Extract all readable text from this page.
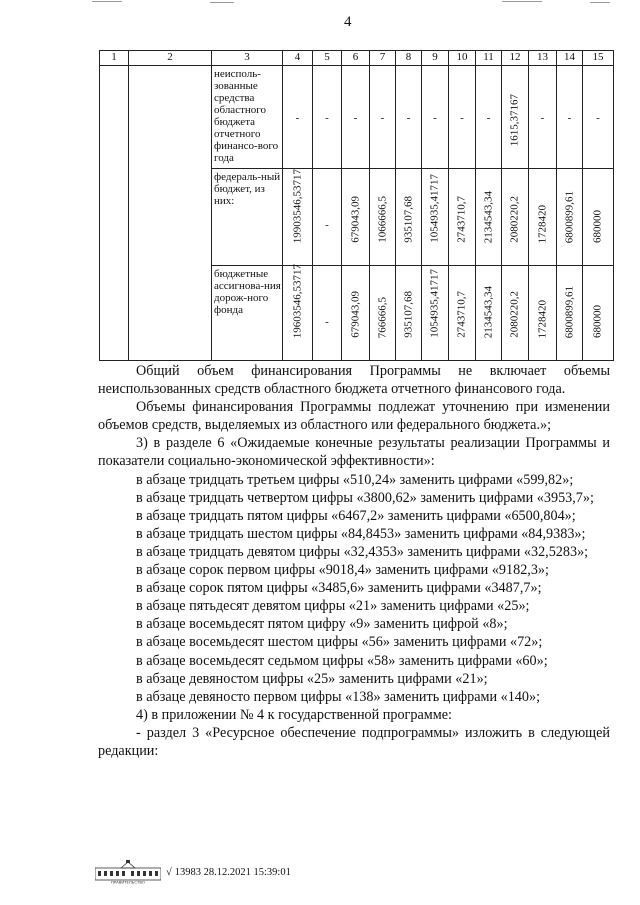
4
1	2	3	4	5	6	7	8	9	10	11	12	13	14	15
		неисполь-зованные средства областного бюджета отчетного финансо-вого года	-	-	-	-	-	-	-	-	1615,37167	-	-	-
		федераль-ный бюджет, из них:	19903546,53717	-	679043,09	1066666,5	935107,68	1054935,41717	2743710,7	2134543,34	2080220,2	1728420	6800899,61	680000

		бюджетные ассигнова-ния дорож-ного фонда	19603546,53717	-	679043,09	766666,5	935107,68	1054935,41717	2743710,7	2134543,34	2080220,2	1728420	6800899,61	680000

Общий объем финансирования Программы не включает объемы неиспользованных средств областного бюджета отчетного финансового года.

Объемы финансирования Программы подлежат уточнению при изменении объемов средств, выделяемых из областного или федерального бюджета.»;

3) в разделе 6 «Ожидаемые конечные результаты реализации Программы и показатели социально-экономической эффективности»:

в абзаце тридцать третьем цифры «510,24» заменить цифрами «599,82»;

в абзаце тридцать четвертом цифры «3800,62» заменить цифрами «3953,7»;

в абзаце тридцать пятом цифры «6467,2» заменить цифрами «6500,804»;

в абзаце тридцать шестом цифры «84,8453» заменить цифрами «84,9383»;

в абзаце тридцать девятом цифры «32,4353» заменить цифрами «32,5283»;

в абзаце сорок первом цифры «9018,4» заменить цифрами «9182,3»;

в абзаце сорок пятом цифры «3485,6» заменить цифрами «3487,7»;

в абзаце пятьдесят девятом цифры «21» заменить цифрами «25»;

в абзаце восемьдесят пятом цифру «9» заменить цифрой «8»;

в абзаце восемьдесят шестом цифры «56» заменить цифрами «72»;

в абзаце восемьдесят седьмом цифры «58» заменить цифрами «60»;

в абзаце девяностом цифры «25» заменить цифрами «21»;

в абзаце девяносто первом цифры «138» заменить цифрами «140»;

4) в приложении № 4 к государственной программе:

- раздел 3 «Ресурсное обеспечение подпрограммы» изложить в следующей редакции:

ПРАВИТЕЛЬСТВО
√ 13983 28.12.2021 15:39:01
